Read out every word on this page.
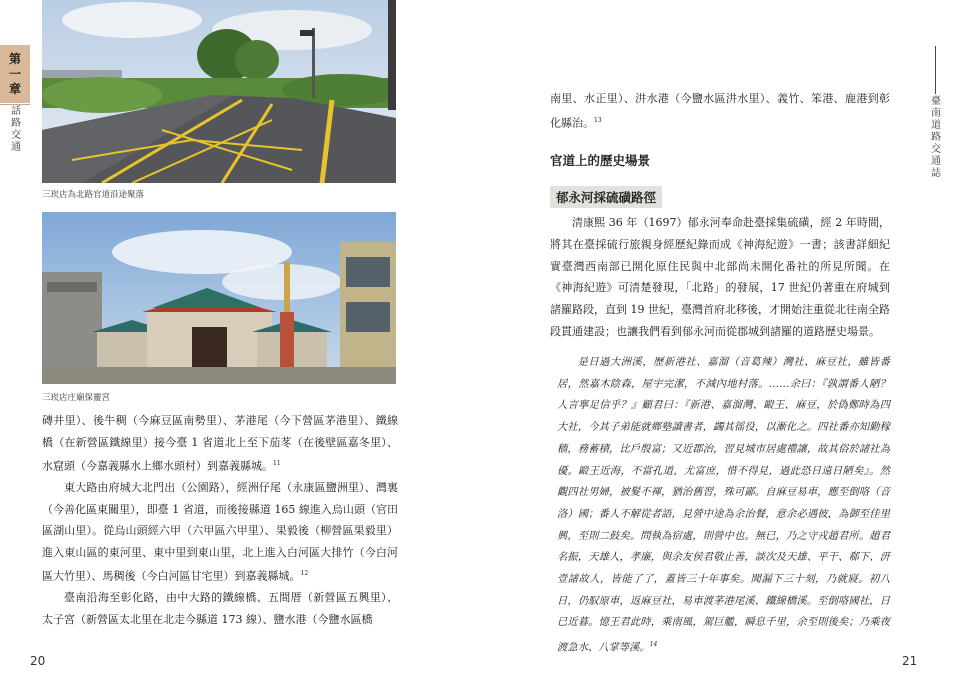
第
一
章
話路交通
三崁店為北路官道沿途聚落
三崁店庄廟保靈宮

磚井里）、後牛稠（今麻豆區南勢里）、茅港尾（今下營區茅港里）、鐵線橋（在新營區鐵線里）接今臺 1 省道北上至下茄苳（在後壁區嘉冬里）、水窟頭（今嘉義縣水上鄉水頭村）到嘉義縣城。$^{11}$

東大路由府城大北門出（公園路），經洲仔尾（永康區鹽洲里）、灣裏（今善化區東關里），即臺 1 省道，而後接縣道 165 線進入烏山頭（官田區湖山里）。從烏山頭經六甲（六甲區六甲里）、果毅後（柳營區果毅里）進入東山區的東河里、東中里到東山里，北上進入白河區大排竹（今白河區大竹里）、馬稠後（今白河區甘宅里）到嘉義縣城。$^{12}$

臺南沿海至彰化路，由中大路的鐵線橋、五間厝（新營區五興里）、太子宮（新營區太北里在北走今縣道 173 線）、鹽水港（今鹽水區橋

20
臺南道路交通誌

南里、水正里）、汫水港（今鹽水區汫水里）、義竹、笨港、鹿港到彰化縣治。$^{13}$

官道上的歷史場景
郁永河採硫磺路徑

清康熙 36 年（1697）郁永河奉命赴臺採集硫磺，經 2 年時間，將其在臺採硫行旅親身經歷紀錄而成《神海紀遊》一書；該書詳細紀實臺灣西南部已開化原住民與中北部尚未開化番社的所見所聞。在《神海紀遊》可清楚發現，「北路」的發展，17 世紀仍著重在府城到諸羅路段，直到 19 世紀，臺灣首府北移後，才開始注重從北往南全路段貫通建設；也讓我們看到郁永河而從郡城到諸羅的道路歷史場景。

是日過大洲溪，歷新港社、嘉溜（音葛辣）灣社、麻豆社，雖皆番居，然嘉木陰森，屋宇完潔，不減內地村落。……余曰：『孰謂番人陋？人言寧足信乎？』顧君曰：『新港、嘉溜灣、毆王、麻豆，於偽鄭時為四大社，今其子弟能就鄉塾讀書者，蠲其徭役，以漸化之。四社番亦知勤稼穡，務蓄積，比戶殷富；又近郡治，習見城市居處禮讓，故其俗於諸社為優。毆王近海，不當孔道，尤富庶，惜不得見，過此恐日遠日陋矣』。然觀四社男婦，被髮不褌，猶治舊習，殊可鄙。自麻豆易車，應至倒咯（音洛）國；番人不解從者語，見營中途為余治餐，意余必遇彼，為御至佳里興，至則二鼓矣。問執為宿處，則營中也。無已，乃之守戎趙君所。趙君名振，天雄人，孝廉，與余友侯君敬止善，談次及天雄、平干、郗下、汧壹諸故人，皆能了了，蓋皆三十年事矣。聞漏下三十刻，乃就寢。初八日，仍馭原車，返麻豆社，易車渡茅港尾溪、鐵線橋溪。至倒咯國社，日已近暮。憶王君此時，乘南風，駕巨艦，瞬息千里，余至則後矣；乃乘夜渡急水、八掌等溪。$^{14}$

21
